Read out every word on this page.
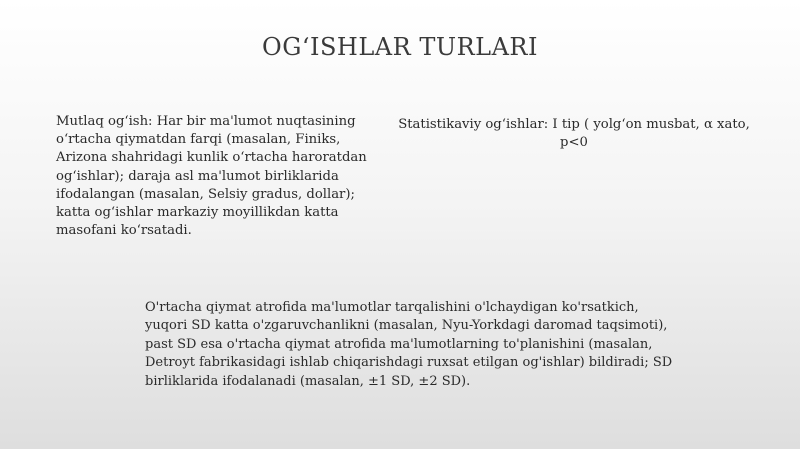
OG‘ISHLAR TURLARI
Mutlaq og‘ish: Har bir ma'lumot nuqtasining o‘rtacha qiymatdan farqi (masalan, Finiks, Arizona shahridagi kunlik o‘rtacha haroratdan og‘ishlar); daraja asl ma'lumot birliklarida ifodalangan (masalan, Selsiy gradus, dollar); katta og‘ishlar markaziy moyillikdan katta masofani ko‘rsatadi.
Statistikaviy og‘ishlar: I tip ( yolg‘on musbat, α xato, p<0
O'rtacha qiymat atrofida ma'lumotlar tarqalishini o'lchaydigan ko'rsatkich, yuqori SD katta o'zgaruvchanlikni (masalan, Nyu-Yorkdagi daromad taqsimoti), past SD esa o'rtacha qiymat atrofida ma'lumotlarning to'planishini (masalan, Detroyt fabrikasidagi ishlab chiqarishdagi ruxsat etilgan og'ishlar) bildiradi; SD birliklarida ifodalanadi (masalan, ±1 SD, ±2 SD).
